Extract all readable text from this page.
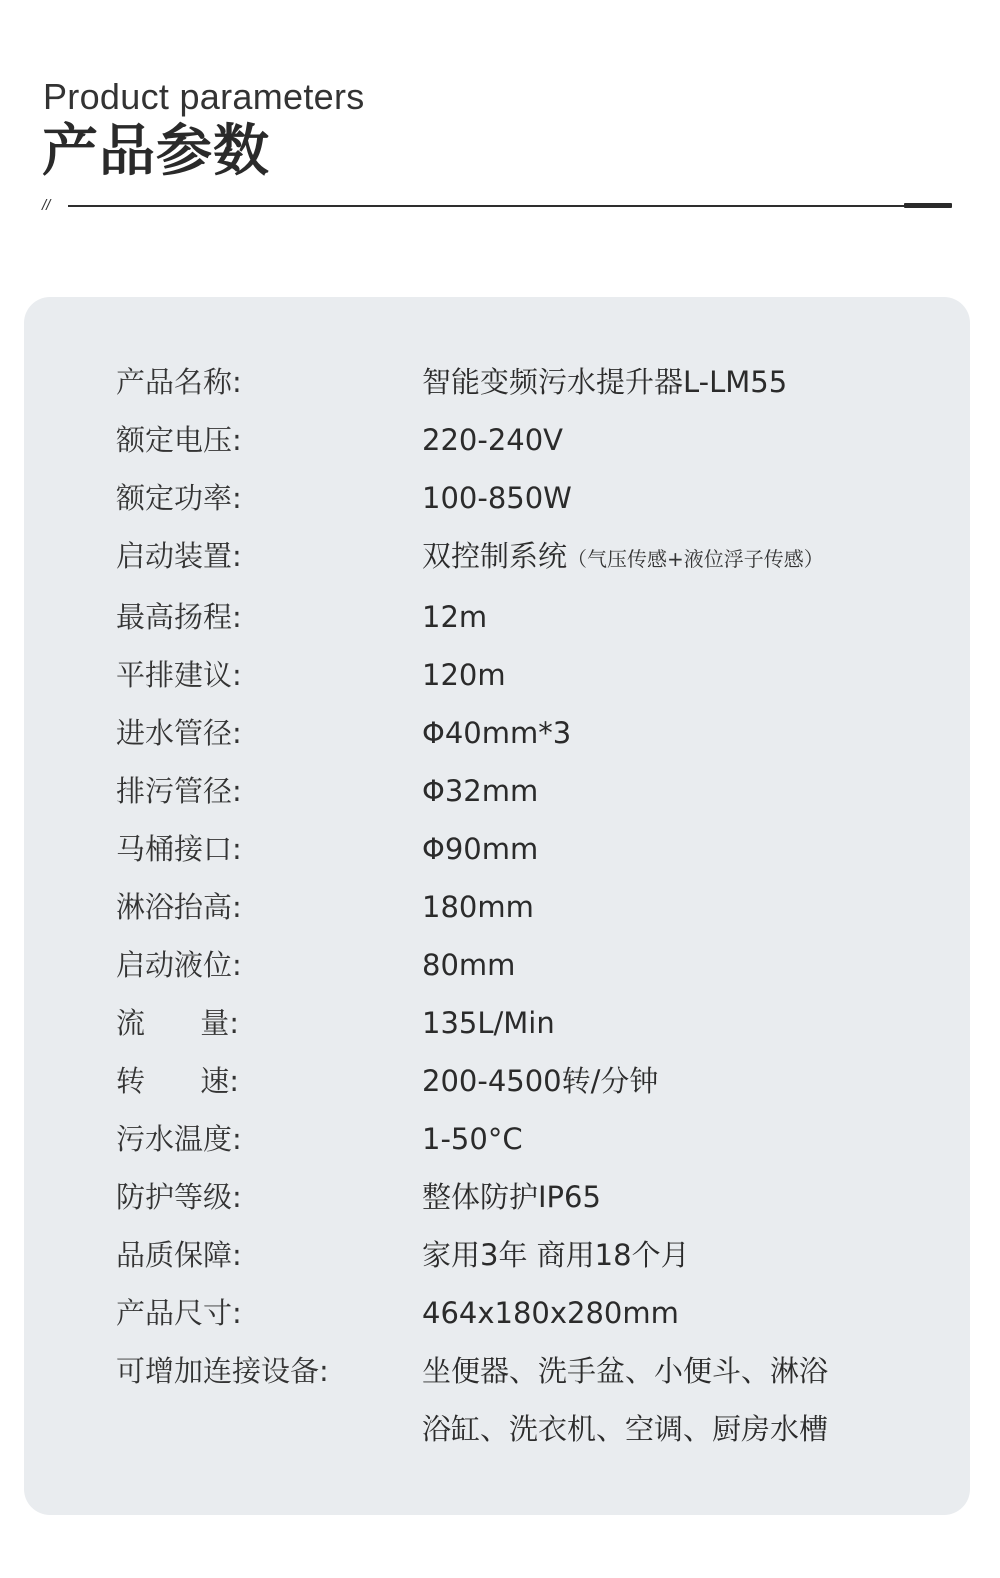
Product parameters
产品参数
//
产品名称:	智能变频污水提升器L-LM55
额定电压:	220-240V
额定功率:	100-850W
启动装置:	双控制系统（气压传感+液位浮子传感）
最高扬程:	12m
平排建议:	120m
进水管径:	Φ40mm*3
排污管径:	Φ32mm
马桶接口:	Φ90mm
淋浴抬高:	180mm
启动液位:	80mm
流      量:	135L/Min
转      速:	200-4500转/分钟
污水温度:	1-50°C
防护等级:	整体防护IP65
品质保障:	家用3年 商用18个月
产品尺寸:	464x180x280mm
可增加连接设备:	坐便器、洗手盆、小便斗、淋浴
浴缸、洗衣机、空调、厨房水槽
